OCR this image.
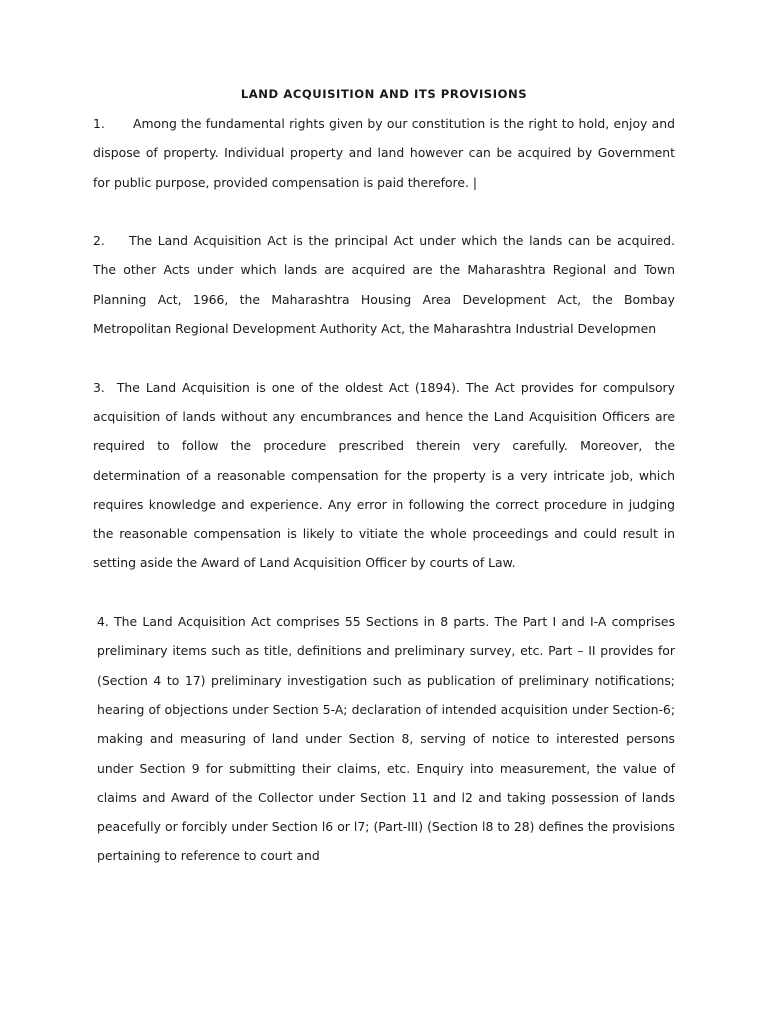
LAND ACQUISITION AND ITS PROVISIONS

1. Among the fundamental rights given by our constitution is the right to hold, enjoy and dispose of property. Individual property and land however can be acquired by Government for public purpose, provided compensation is paid therefore. |

2. The Land Acquisition Act is the principal Act under which the lands can be acquired. The other Acts under which lands are acquired are the Maharashtra Regional and Town Planning Act, 1966, the Maharashtra Housing Area Development Act, the Bombay Metropolitan Regional Development Authority Act, the Maharashtra Industrial Developmen

3. The Land Acquisition is one of the oldest Act (1894). The Act provides for compulsory acquisition of lands without any encumbrances and hence the Land Acquisition Officers are required to follow the procedure prescribed therein very carefully. Moreover, the determination of a reasonable compensation for the property is a very intricate job, which requires knowledge and experience. Any error in following the correct procedure in judging the reasonable compensation is likely to vitiate the whole proceedings and could result in setting aside the Award of Land Acquisition Officer by courts of Law.

4. The Land Acquisition Act comprises 55 Sections in 8 parts. The Part I and I-A comprises preliminary items such as title, definitions and preliminary survey, etc. Part – II provides for (Section 4 to 17) preliminary investigation such as publication of preliminary notifications; hearing of objections under Section 5-A; declaration of intended acquisition under Section-6; making and measuring of land under Section 8, serving of notice to interested persons under Section 9 for submitting their claims, etc. Enquiry into measurement, the value of claims and Award of the Collector under Section 11 and l2 and taking possession of lands peacefully or forcibly under Section l6 or l7; (Part-III) (Section l8 to 28) defines the provisions pertaining to reference to court and
